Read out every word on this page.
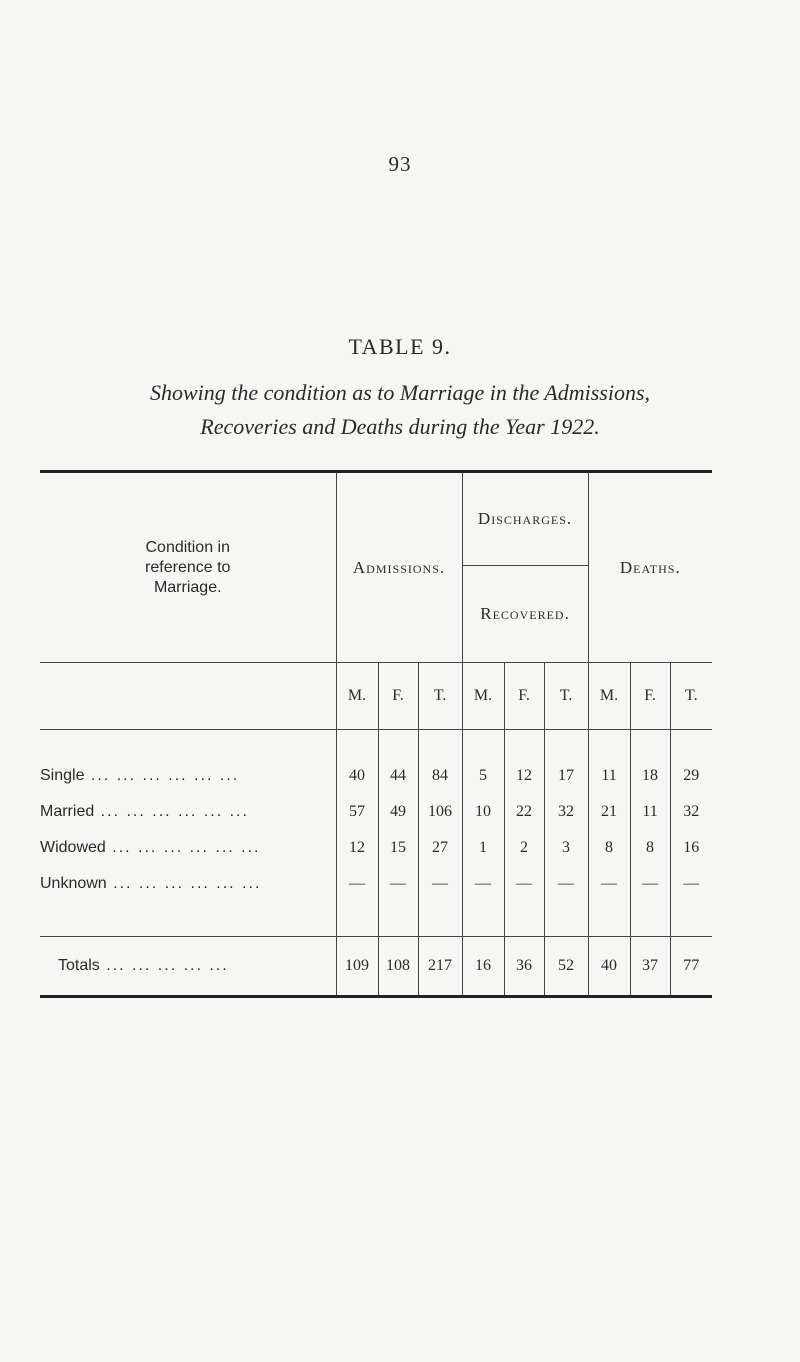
93
TABLE 9.
Showing the condition as to Marriage in the Admissions,
Recoveries and Deaths during the Year 1922.
Condition in
reference to
Marriage.	Admissions.			Discharges.			Deaths.		
				Recovered.					
	M.	F.	T.	M.	F.	T.	M.	F.	T.

Single ... ... ... ... ... ...	40	44	84	5	12	17	11	18	29
Married ... ... ... ... ... ...	57	49	106	10	22	32	21	11	32
Widowed ... ... ... ... ... ...	12	15	27	1	2	3	8	8	16
Unknown ... ... ... ... ... ...	—	—	—	—	—	—	—	—	—

Totals ... ... ... ... ...	109	108	217	16	36	52	40	37	77
